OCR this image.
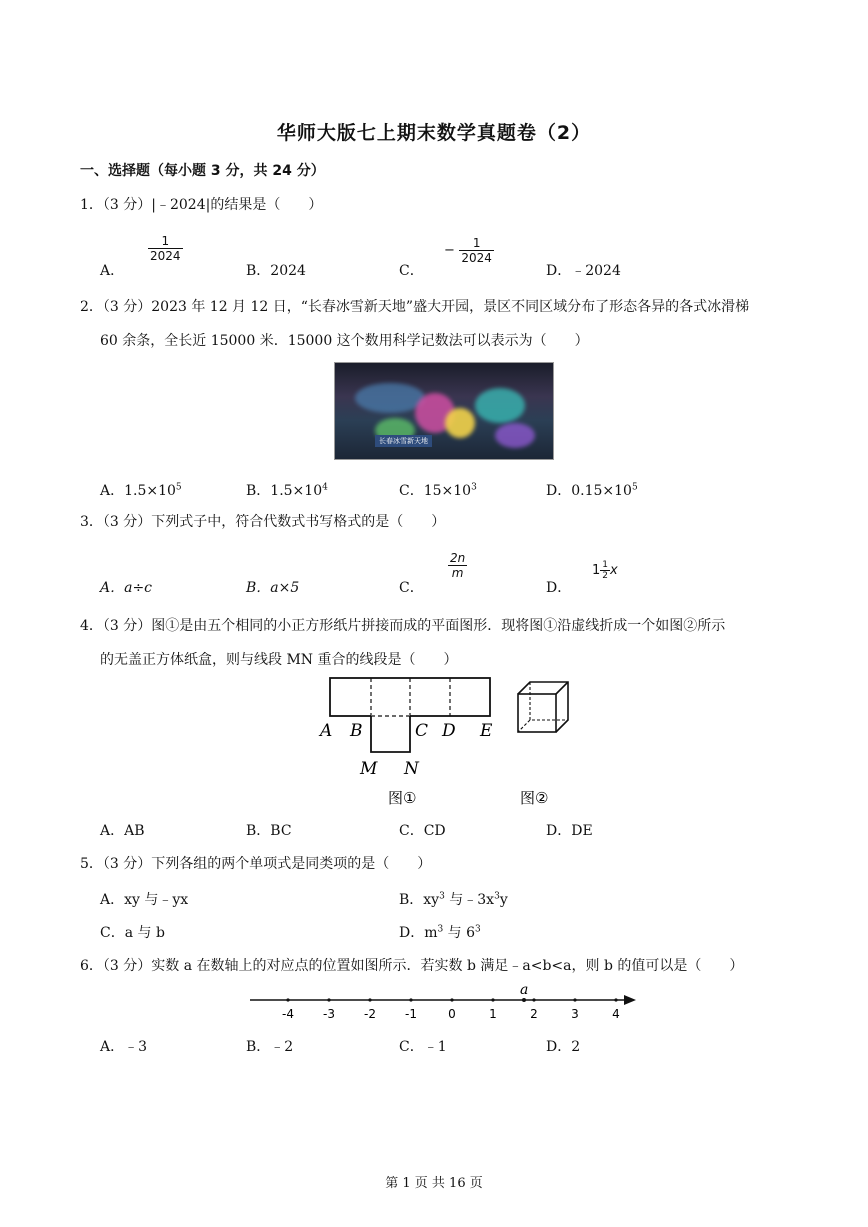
华师大版七上期末数学真题卷（2）
一、选择题（每小题 3 分，共 24 分）
1．（3 分）|﹣2024|的结果是（　　）
A．
$\frac{1}{2024}$
B．2024	C．
− $\frac{1}{2024}$
D．﹣2024
2．（3 分）2023 年 12 月 12 日，“长春冰雪新天地”盛大开园，景区不同区域分布了形态各异的各式冰滑梯
60 余条，全长近 15000 米．15000 这个数用科学记数法可以表示为（　　）
长春冰雪新天地
A．$1.5\times 10^5$	B．$1.5\times 10^4$	C．$15\times 10^3$	D．$0.15\times 10^5$
3．（3 分）下列式子中，符合代数式书写格式的是（　　）
A．a÷c	B．a×5	C．
$\frac{2n}{m}$
D．
$1 \frac{1}{2}$ x
4．（3 分）图①是由五个相同的小正方形纸片拼接而成的平面图形．现将图①沿虚线折成一个如图②所示
的无盖正方体纸盒，则与线段 MN 重合的线段是（　　）
A B	C D E
M N
图①	图②
A．AB	B．BC	C．CD	D．DE
5．（3 分）下列各组的两个单项式是同类项的是（　　）
A．xy 与﹣yx	B．$xy^3$ 与$﹣3x^3y$
C．a 与 b	D．$m^3$ 与 $6^3$
6．（3 分）实数 a 在数轴上的对应点的位置如图所示．若实数 b 满足﹣a<b<a，则 b 的值可以是（　　）
-4 -3 -2 -1	0	1	2	3	4
a
A．﹣3	B．﹣2	C．﹣1	D．2
第 1 页 共 16 页
